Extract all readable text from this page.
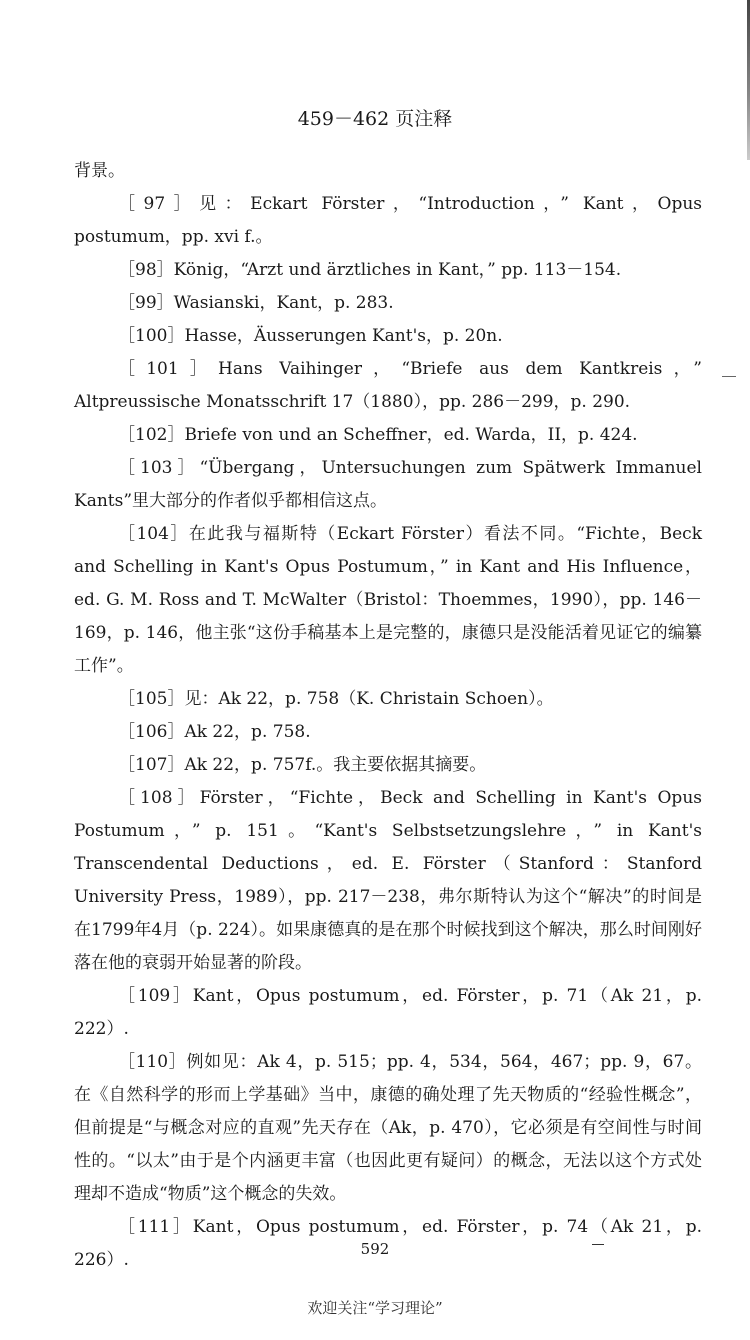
459－462 页注释

背景。

［97］见：Eckart Förster，“Introduction，” Kant，Opus postumum，pp. xvi f.。

［98］König，“Arzt und ärztliches in Kant，” pp. 113－154.

［99］Wasianski，Kant，p. 283.

［100］Hasse，Äusserungen Kant's，p. 20n.

［101］Hans Vaihinger，“Briefe aus dem Kantkreis，” Altpreussische Monatsschrift 17（1880），pp. 286－299，p. 290.

［102］Briefe von und an Scheffner，ed. Warda，II，p. 424.

［103］“Übergang，Untersuchungen zum Spätwerk Immanuel Kants”里大部分的作者似乎都相信这点。

［104］在此我与福斯特（Eckart Förster）看法不同。“Fichte，Beck and Schelling in Kant's Opus Postumum，” in Kant and His Influence，ed. G. M. Ross and T. McWalter（Bristol：Thoemmes，1990），pp. 146－169，p. 146，他主张“这份手稿基本上是完整的，康德只是没能活着见证它的编纂工作”。

［105］见：Ak 22，p. 758（K. Christain Schoen）。

［106］Ak 22，p. 758.

［107］Ak 22，p. 757f.。我主要依据其摘要。

［108］Förster，“Fichte，Beck and Schelling in Kant's Opus Postumum，” p. 151。“Kant's Selbstsetzungslehre，” in Kant's Transcendental Deductions，ed. E. Förster（Stanford：Stanford University Press，1989），pp. 217－238，弗尔斯特认为这个“解决”的时间是在1799年4月（p. 224）。如果康德真的是在那个时候找到这个解决，那么时间刚好落在他的衰弱开始显著的阶段。

［109］Kant，Opus postumum，ed. Förster，p. 71（Ak 21，p. 222）.

［110］例如见：Ak 4，p. 515；pp. 4，534，564，467；pp. 9，67。在《自然科学的形而上学基础》当中，康德的确处理了先天物质的“经验性概念”，但前提是“与概念对应的直观”先天存在（Ak，p. 470），它必须是有空间性与时间性的。“以太”由于是个内涵更丰富（也因此更有疑问）的概念，无法以这个方式处理却不造成“物质”这个概念的失效。

［111］Kant，Opus postumum，ed. Förster，p. 74（Ak 21，p. 226）.

592
欢迎关注“学习理论”
